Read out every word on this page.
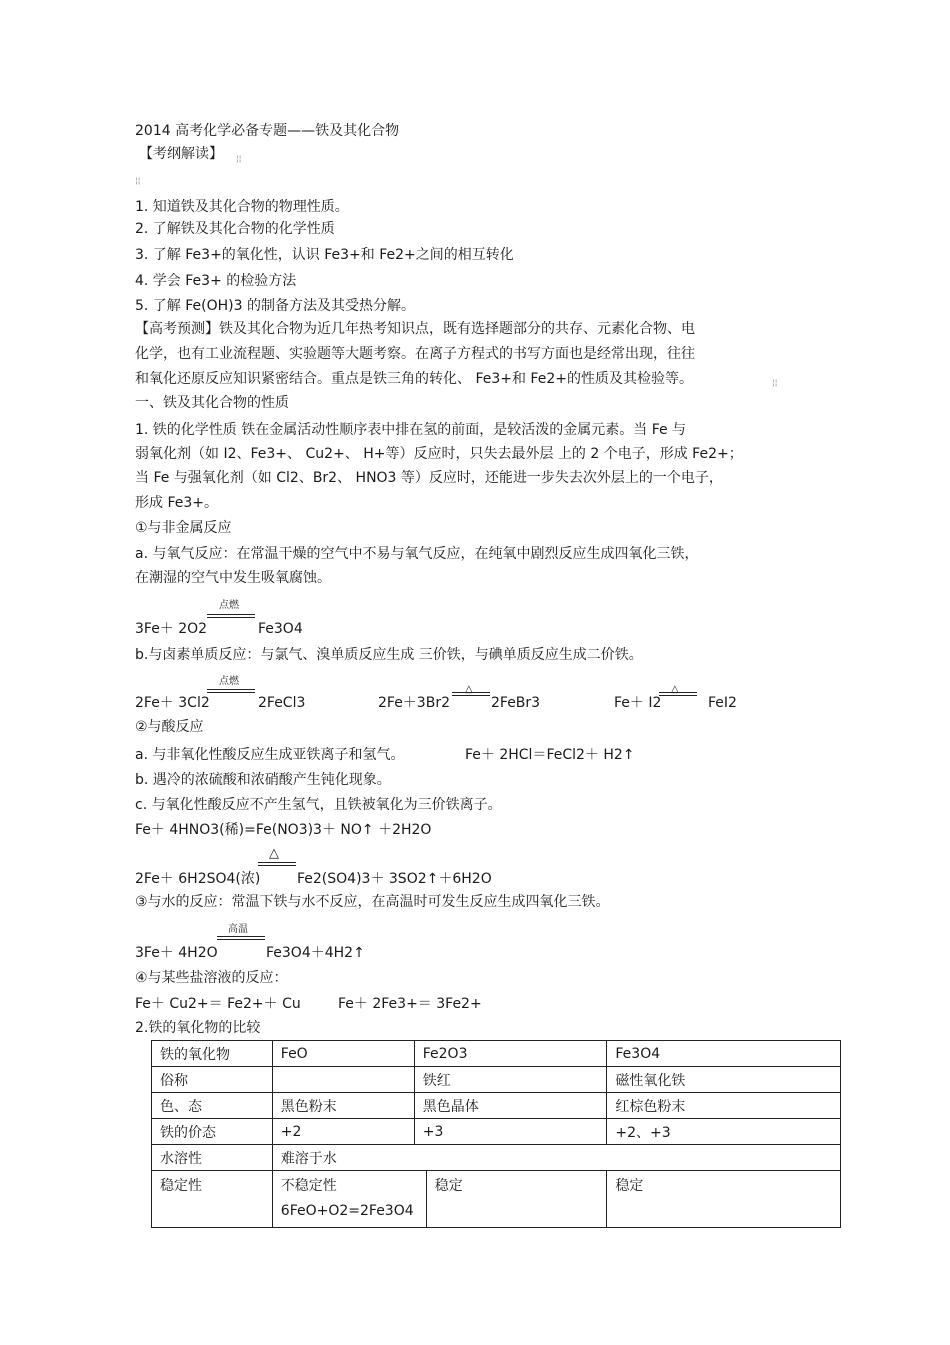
2014 高考化学必备专题——铁及其化合物
【考纲解读】 ¦¦
¦¦
1. 知道铁及其化合物的物理性质。
2. 了解铁及其化合物的化学性质
3. 了解 Fe3+的氧化性，认识 Fe3+和 Fe2+之间的相互转化
4. 学会 Fe3+ 的检验方法
5. 了解 Fe(OH)3 的制备方法及其受热分解。
【高考预测】铁及其化合物为近几年热考知识点，既有选择题部分的共存、元素化合物、电
化学，也有工业流程题、实验题等大题考察。在离子方程式的书写方面也是经常出现，往往
和氧化还原反应知识紧密结合。重点是铁三角的转化、 Fe3+和 Fe2+的性质及其检验等。	¦¦
一、铁及其化合物的性质
1. 铁的化学性质 铁在金属活动性顺序表中排在氢的前面，是较活泼的金属元素。当 Fe 与
弱氧化剂（如 I2、Fe3+、 Cu2+、 H+等）反应时，只失去最外层 上的 2 个电子，形成 Fe2+；
当 Fe 与强氧化剂（如 Cl2、Br2、 HNO3 等）反应时，还能进一步失去次外层上的一个电子，
形成 Fe3+。
①与非金属反应
a. 与氧气反应：在常温干燥的空气中不易与氧气反应，在纯氧中剧烈反应生成四氧化三铁，
在潮湿的空气中发生吸氧腐蚀。
点燃
3Fe＋ 2O2	Fe3O4
b.与卤素单质反应：与氯气、溴单质反应生成 三价铁，与碘单质反应生成二价铁。
点燃
2Fe＋ 3Cl2	2FeCl3
△
2Fe＋3Br2	2FeBr3
△
Fe＋ I2	FeI2
②与酸反应
a. 与非氧化性酸反应生成亚铁离子和氢气。	Fe＋ 2HCl＝FeCl2＋ H2↑
b. 遇冷的浓硫酸和浓硝酸产生钝化现象。
c. 与氧化性酸反应不产生氢气，且铁被氧化为三价铁离子。
Fe＋ 4HNO3(稀)=Fe(NO3)3＋ NO↑ ＋2H2O
△
2Fe＋ 6H2SO4(浓)	Fe2(SO4)3＋ 3SO2↑＋6H2O
③与水的反应：常温下铁与水不反应，在高温时可发生反应生成四氧化三铁。
高温
3Fe＋ 4H2O	Fe3O4＋4H2↑
④与某些盐溶液的反应：
Fe＋ Cu2+＝ Fe2+＋ Cu	Fe＋ 2Fe3+＝ 3Fe2+
2.铁的氧化物的比较
铁的氧化物	FeO	Fe2O3		Fe3O4
俗称		铁红		磁性氧化铁
色、态	黑色粉末	黑色晶体		红棕色粉末
铁的价态	+2	+3		+2、+3
水溶性	难溶于水			
稳定性	不稳定性
6FeO+O2=2Fe3O4		稳定	稳定
